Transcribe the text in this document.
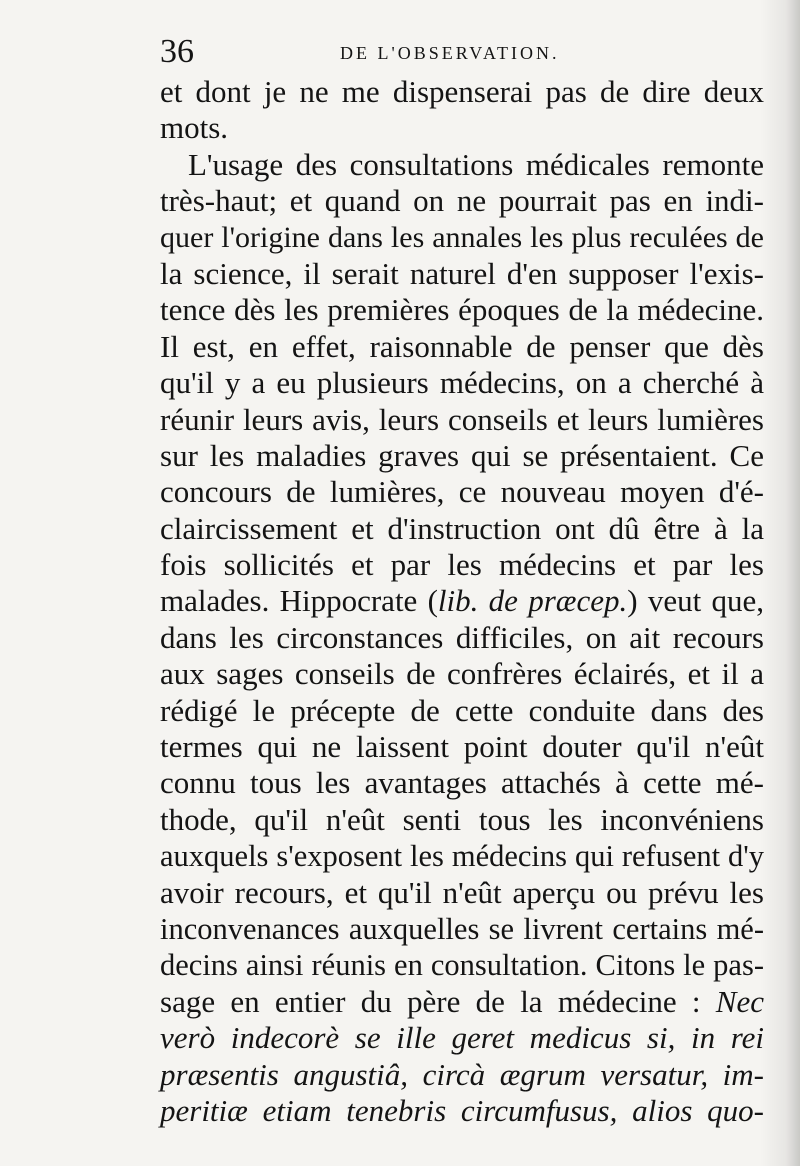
36	DE L'OBSERVATION.
et dont je ne me dispenserai pas de dire deux
mots.
L'usage des consultations médicales remonte
très-haut; et quand on ne pourrait pas en indi-
quer l'origine dans les annales les plus reculées de
la science, il serait naturel d'en supposer l'exis-
tence dès les premières époques de la médecine.
Il est, en effet, raisonnable de penser que dès
qu'il y a eu plusieurs médecins, on a cherché à
réunir leurs avis, leurs conseils et leurs lumières
sur les maladies graves qui se présentaient. Ce
concours de lumières, ce nouveau moyen d'é-
claircissement et d'instruction ont dû être à la
fois sollicités et par les médecins et par les
malades. Hippocrate (lib. de præcep.) veut que,
dans les circonstances difficiles, on ait recours
aux sages conseils de confrères éclairés, et il a
rédigé le précepte de cette conduite dans des
termes qui ne laissent point douter qu'il n'eût
connu tous les avantages attachés à cette mé-
thode, qu'il n'eût senti tous les inconvéniens
auxquels s'exposent les médecins qui refusent d'y
avoir recours, et qu'il n'eût aperçu ou prévu les
inconvenances auxquelles se livrent certains mé-
decins ainsi réunis en consultation. Citons le pas-
sage en entier du père de la médecine : Nec
verò indecorè se ille geret medicus si, in rei
præsentis angustiâ, circà ægrum versatur, im-
peritiæ etiam tenebris circumfusus, alios quo-
